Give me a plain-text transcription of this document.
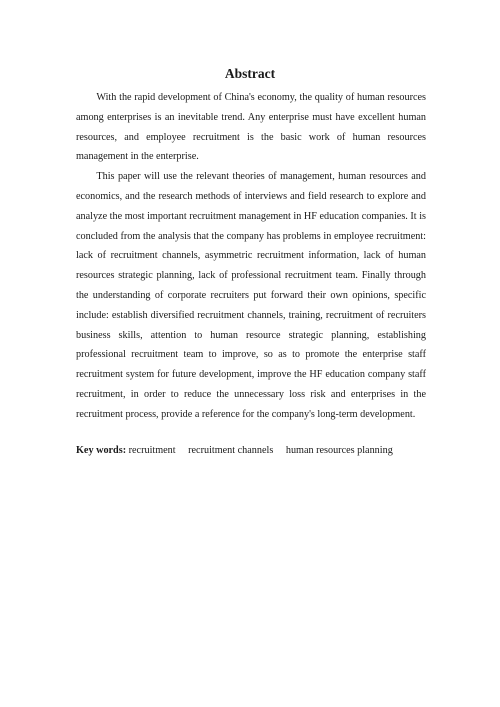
Abstract

With the rapid development of China's economy, the quality of human resources among enterprises is an inevitable trend. Any enterprise must have excellent human resources, and employee recruitment is the basic work of human resources management in the enterprise.

This paper will use the relevant theories of management, human resources and economics, and the research methods of interviews and field research to explore and analyze the most important recruitment management in HF education companies. It is concluded from the analysis that the company has problems in employee recruitment: lack of recruitment channels, asymmetric recruitment information, lack of human resources strategic planning, lack of professional recruitment team. Finally through the understanding of corporate recruiters put forward their own opinions, specific include: establish diversified recruitment channels, training, recruitment of recruiters business skills, attention to human resource strategic planning, establishing professional recruitment team to improve, so as to promote the enterprise staff recruitment system for future development, improve the HF education company staff recruitment, in order to reduce the unnecessary loss risk and enterprises in the recruitment process, provide a reference for the company's long-term development.

Key words: recruitment recruitment channels human resources planning
